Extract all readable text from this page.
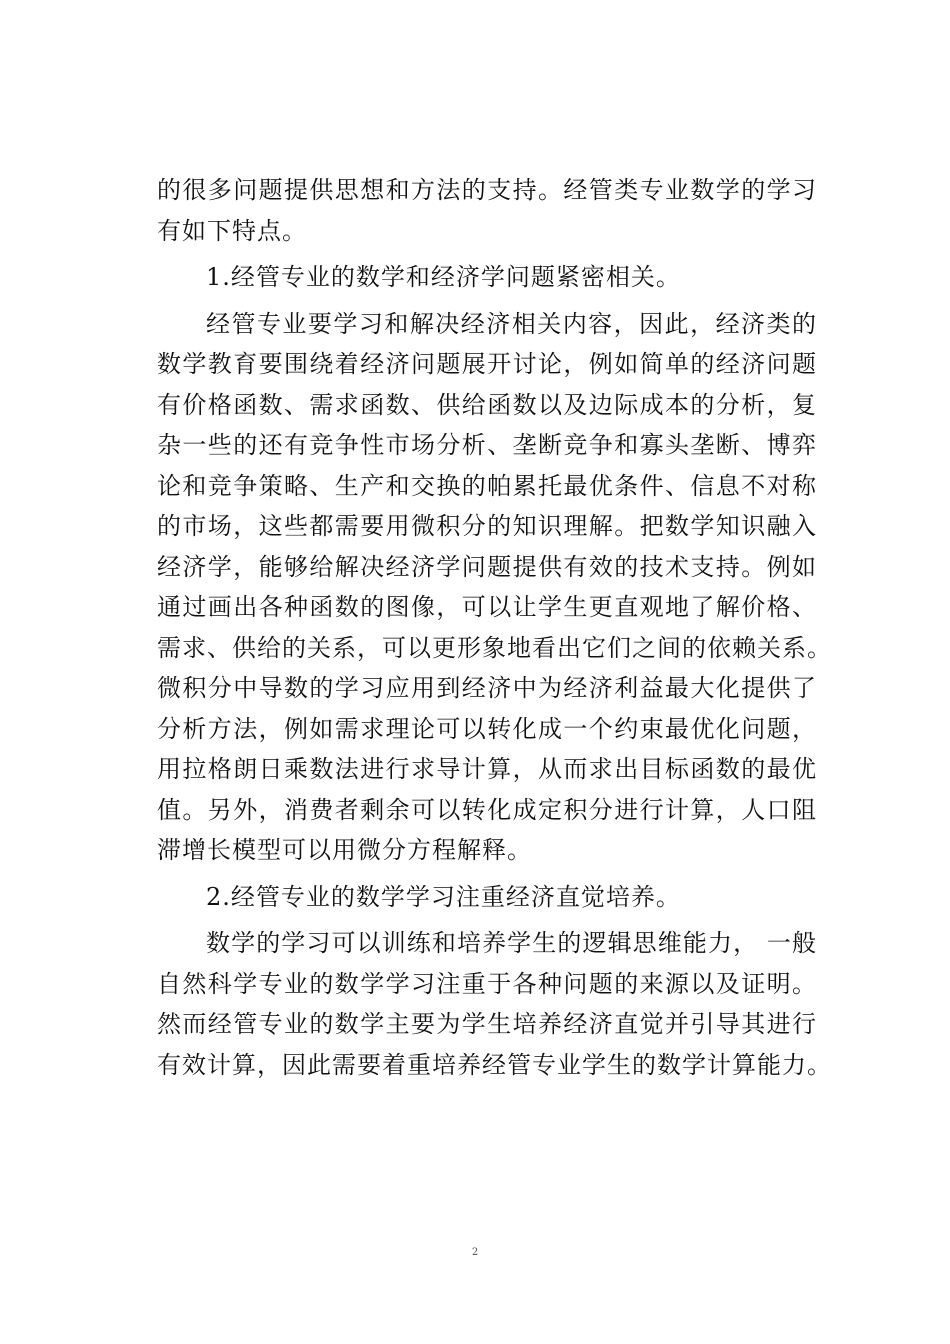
的很多问题提供思想和方法的支持。经管类专业数学的学习
有如下特点。
1.经管专业的数学和经济学问题紧密相关。
经管专业要学习和解决经济相关内容，因此，经济类的
数学教育要围绕着经济问题展开讨论，例如简单的经济问题
有价格函数、需求函数、供给函数以及边际成本的分析，复
杂一些的还有竞争性市场分析、垄断竞争和寡头垄断、博弈
论和竞争策略、生产和交换的帕累托最优条件、信息不对称
的市场，这些都需要用微积分的知识理解。把数学知识融入
经济学，能够给解决经济学问题提供有效的技术支持。例如
通过画出各种函数的图像，可以让学生更直观地了解价格、
需求、供给的关系，可以更形象地看出它们之间的依赖关系。
微积分中导数的学习应用到经济中为经济利益最大化提供了
分析方法，例如需求理论可以转化成一个约束最优化问题，
用拉格朗日乘数法进行求导计算，从而求出目标函数的最优
值。另外，消费者剩余可以转化成定积分进行计算，人口阻
滞增长模型可以用微分方程解释。
2.经管专业的数学学习注重经济直觉培养。
数学的学习可以训练和培养学生的逻辑思维能力， 一般
自然科学专业的数学学习注重于各种问题的来源以及证明。
然而经管专业的数学主要为学生培养经济直觉并引导其进行
有效计算，因此需要着重培养经管专业学生的数学计算能力。
2
